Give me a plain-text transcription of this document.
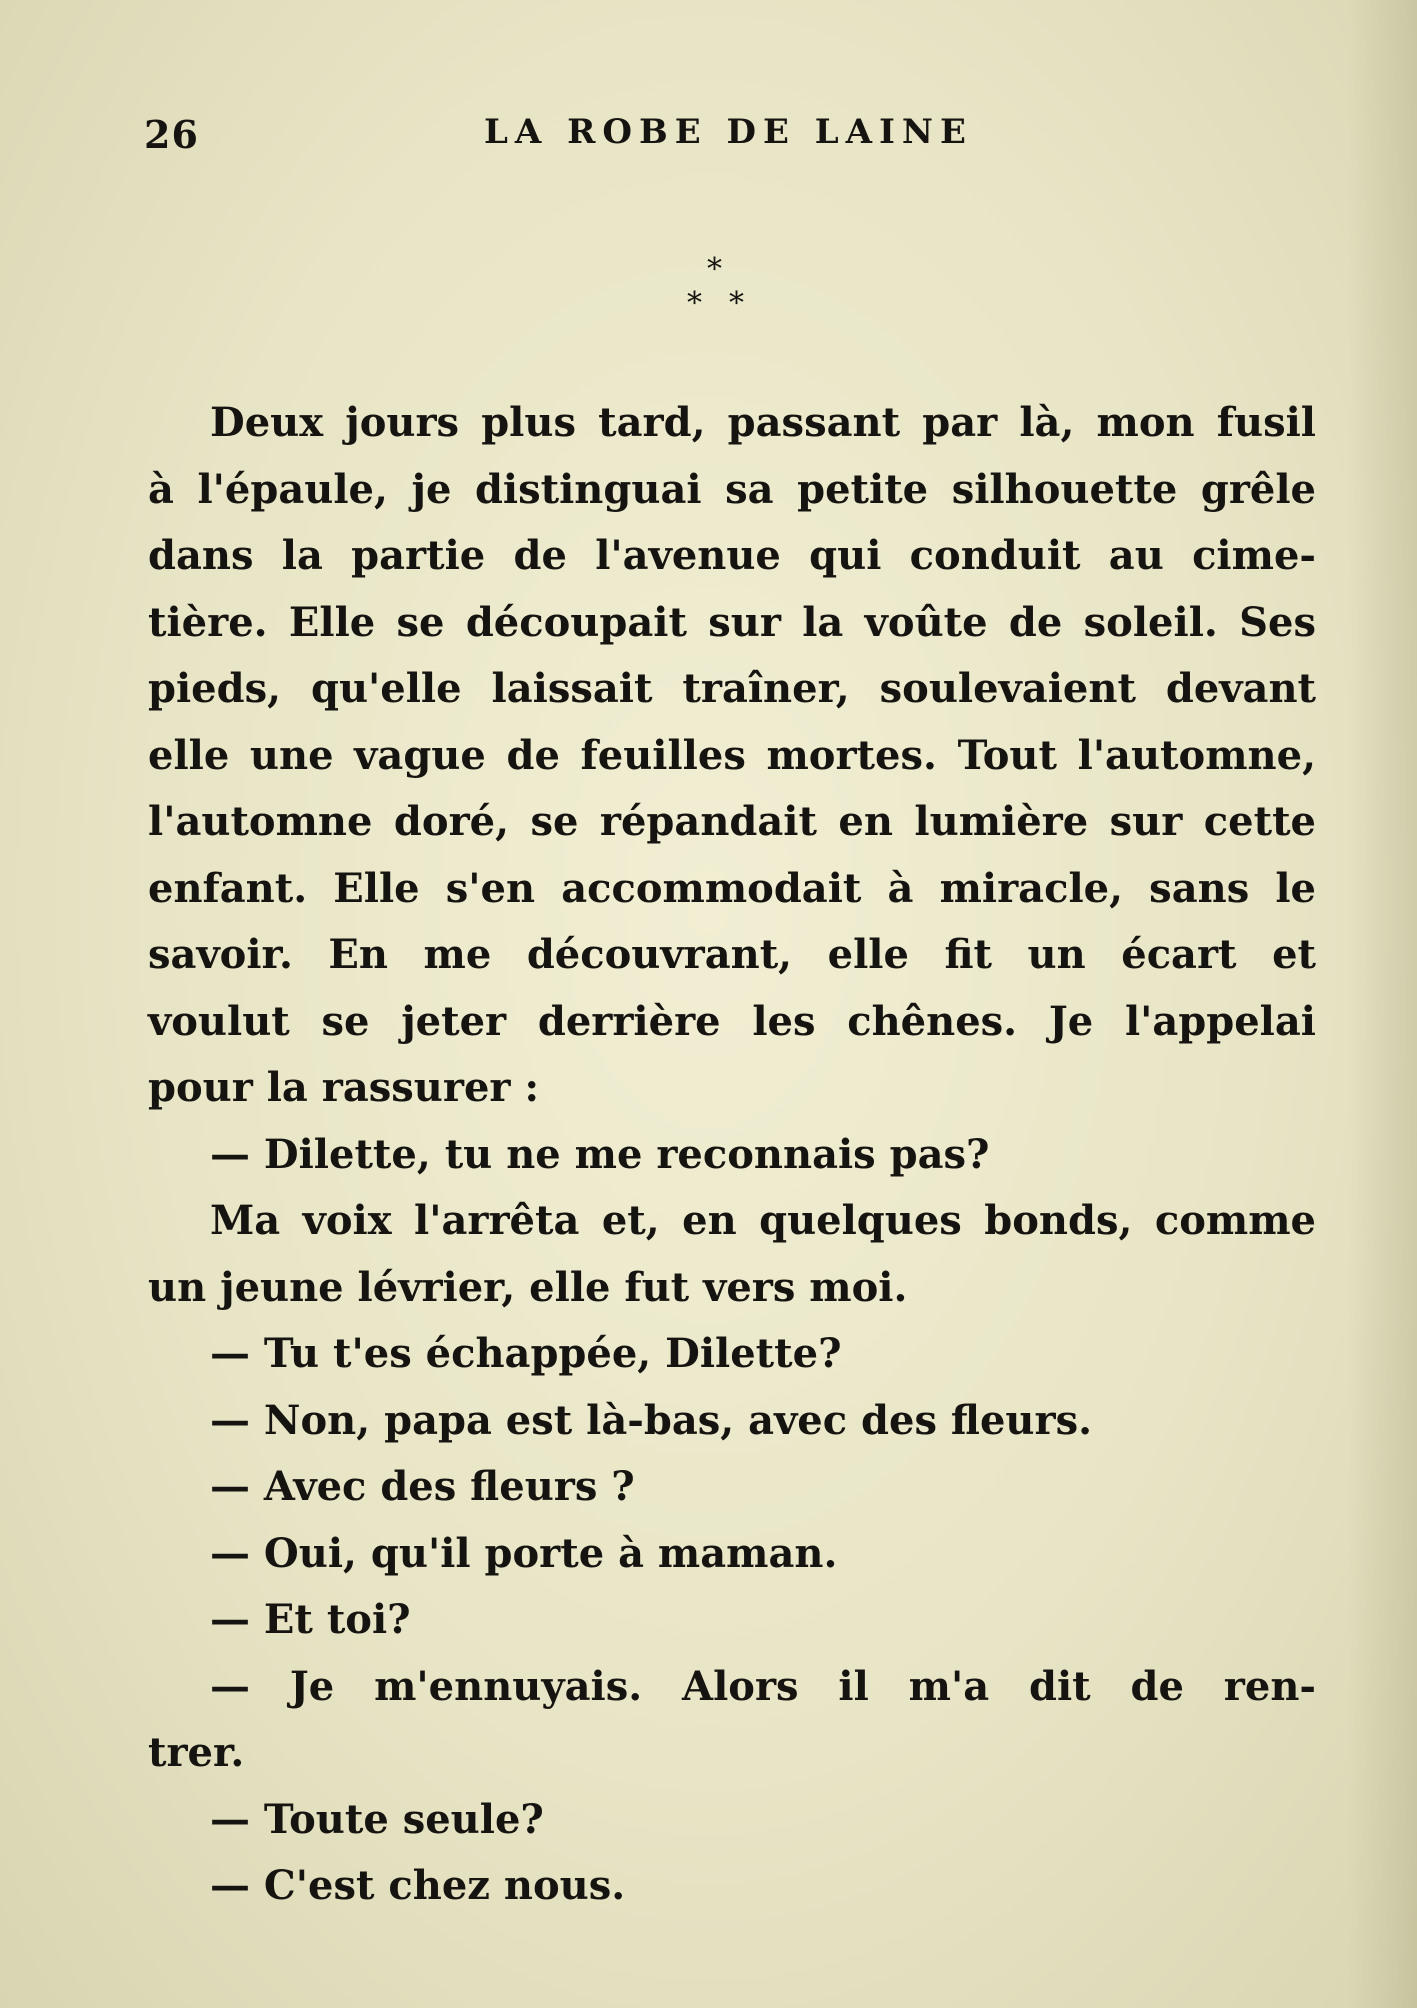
26	LA ROBE DE LAINE
*
* *
Deux jours plus tard, passant par là, mon fusil
à l'épaule, je distinguai sa petite silhouette grêle
dans la partie de l'avenue qui conduit au cime-
tière. Elle se découpait sur la voûte de soleil. Ses
pieds, qu'elle laissait traîner, soulevaient devant
elle une vague de feuilles mortes. Tout l'automne,
l'automne doré, se répandait en lumière sur cette
enfant. Elle s'en accommodait à miracle, sans le
savoir. En me découvrant, elle fit un écart et
voulut se jeter derrière les chênes. Je l'appelai
pour la rassurer :
— Dilette, tu ne me reconnais pas?
Ma voix l'arrêta et, en quelques bonds, comme
un jeune lévrier, elle fut vers moi.
— Tu t'es échappée, Dilette?
— Non, papa est là-bas, avec des fleurs.
— Avec des fleurs ?
— Oui, qu'il porte à maman.
— Et toi?
— Je m'ennuyais. Alors il m'a dit de ren-
trer.
— Toute seule?
— C'est chez nous.
